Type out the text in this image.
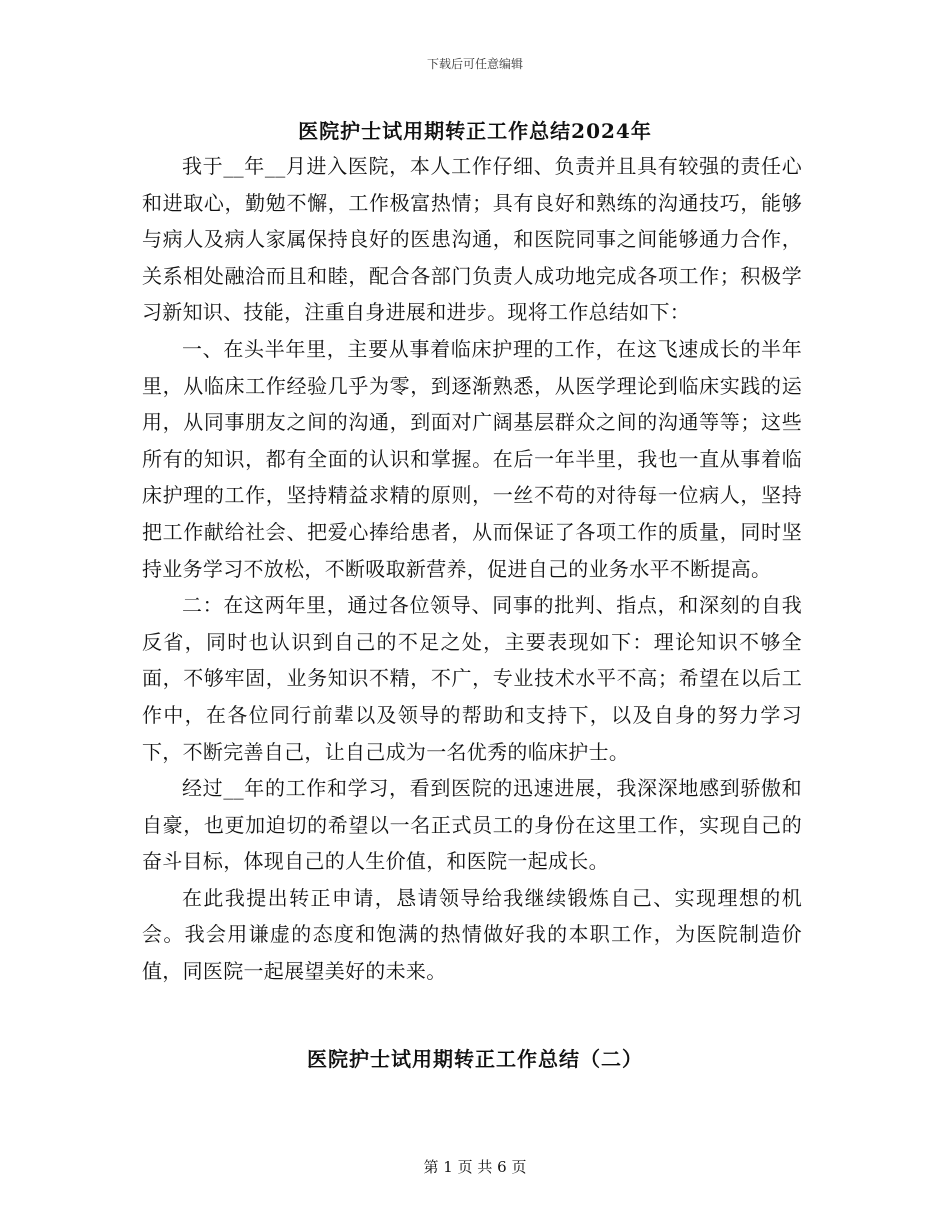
下载后可任意编辑
医院护士试用期转正工作总结2024年

我于__年__月进入医院，本人工作仔细、负责并且具有较强的责任心和进取心，勤勉不懈，工作极富热情；具有良好和熟练的沟通技巧，能够与病人及病人家属保持良好的医患沟通，和医院同事之间能够通力合作，关系相处融洽而且和睦，配合各部门负责人成功地完成各项工作；积极学习新知识、技能，注重自身进展和进步。现将工作总结如下：

一、在头半年里，主要从事着临床护理的工作，在这飞速成长的半年里，从临床工作经验几乎为零，到逐渐熟悉，从医学理论到临床实践的运用，从同事朋友之间的沟通，到面对广阔基层群众之间的沟通等等；这些所有的知识，都有全面的认识和掌握。在后一年半里，我也一直从事着临床护理的工作，坚持精益求精的原则，一丝不苟的对待每一位病人，坚持把工作献给社会、把爱心捧给患者，从而保证了各项工作的质量，同时坚持业务学习不放松，不断吸取新营养，促进自己的业务水平不断提高。

二：在这两年里，通过各位领导、同事的批判、指点，和深刻的自我反省，同时也认识到自己的不足之处，主要表现如下：理论知识不够全面，不够牢固，业务知识不精，不广，专业技术水平不高；希望在以后工作中，在各位同行前辈以及领导的帮助和支持下，以及自身的努力学习下，不断完善自己，让自己成为一名优秀的临床护士。

经过__年的工作和学习，看到医院的迅速进展，我深深地感到骄傲和自豪，也更加迫切的希望以一名正式员工的身份在这里工作，实现自己的奋斗目标，体现自己的人生价值，和医院一起成长。

在此我提出转正申请，恳请领导给我继续锻炼自己、实现理想的机会。我会用谦虚的态度和饱满的热情做好我的本职工作，为医院制造价值，同医院一起展望美好的未来。

医院护士试用期转正工作总结（二）
第 1 页 共 6 页
